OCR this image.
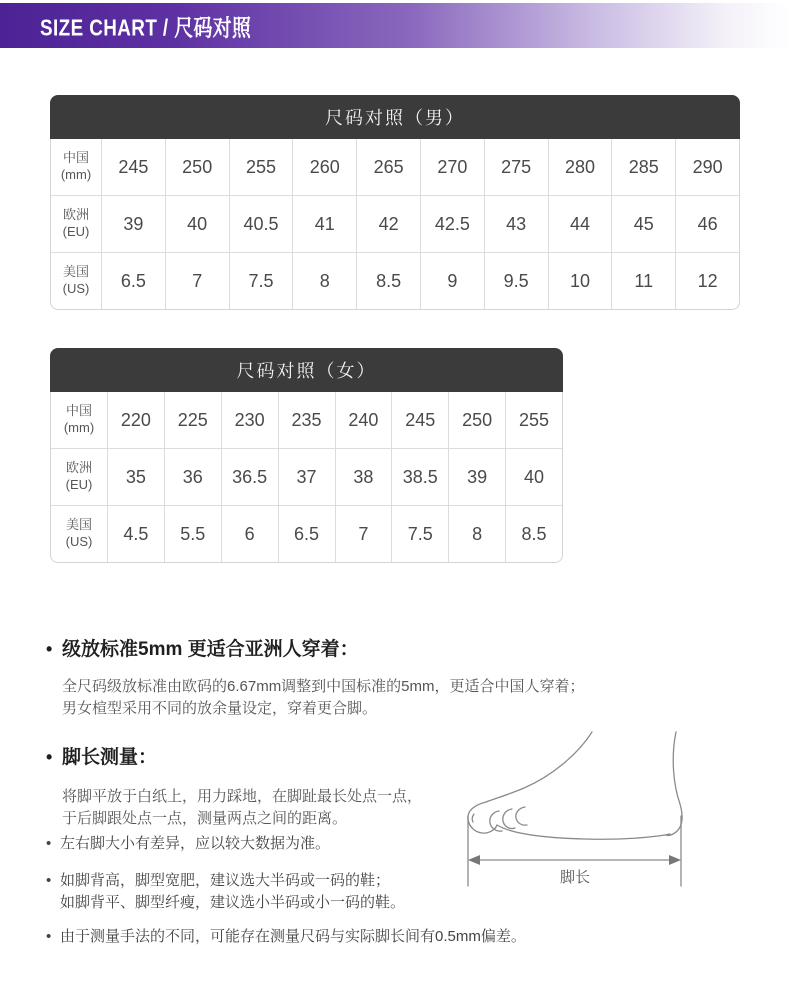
SIZE CHART / 尺码对照
尺码对照（男）
中国
(mm)	245	250	255	260	265	270	275	280	285	290

欧洲
(EU)	39	40	40.5	41	42	42.5	43	44	45	46

美国
(US)	6.5	7	7.5	8	8.5	9	9.5	10	11	12
尺码对照（女）
中国
(mm)	220	225	230	235	240	245	250	255

欧洲
(EU)	35	36	36.5	37	38	38.5	39	40

美国
(US)	4.5	5.5	6	6.5	7	7.5	8	8.5
• 级放标准5mm 更适合亚洲人穿着：
全尺码级放标准由欧码的6.67mm调整到中国标准的5mm，更适合中国人穿着；
男女楦型采用不同的放余量设定，穿着更合脚。
• 脚长测量：
将脚平放于白纸上，用力踩地，在脚趾最长处点一点，
于后脚跟处点一点，测量两点之间的距离。
• 左右脚大小有差异，应以较大数据为准。
• 如脚背高，脚型宽肥，建议选大半码或一码的鞋；
如脚背平、脚型纤瘦，建议选小半码或小一码的鞋。
• 由于测量手法的不同，可能存在测量尺码与实际脚长间有0.5mm偏差。
脚长
